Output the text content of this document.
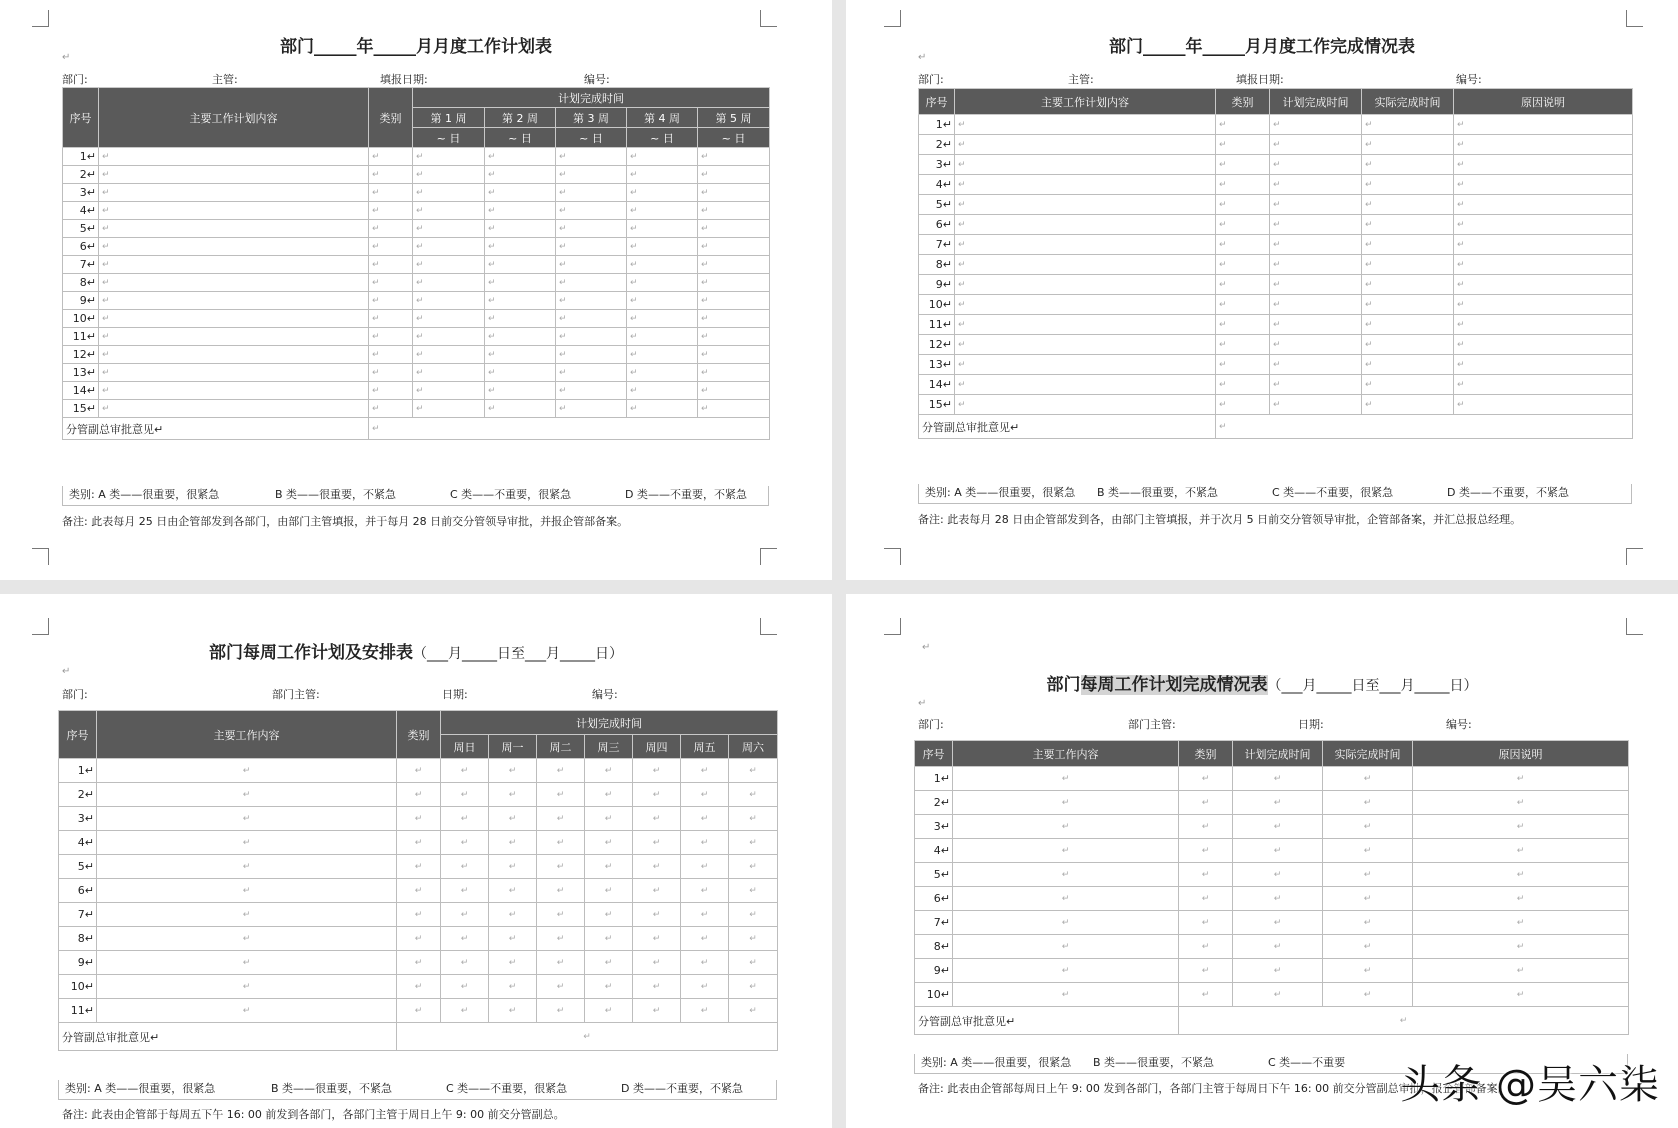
部门_____年_____月月度工作计划表
↵
部门:	主管:	填报日期:	编号:
序号	主要工作计划内容	类别	计划完成时间				
			第 1 周	第 2 周	第 3 周	第 4 周	第 5 周
			~ 日	~ 日	~ 日	~ 日	~ 日
1↵	↵	↵	↵	↵	↵	↵	↵
2↵	↵	↵	↵	↵	↵	↵	↵
3↵	↵	↵	↵	↵	↵	↵	↵
4↵	↵	↵	↵	↵	↵	↵	↵
5↵	↵	↵	↵	↵	↵	↵	↵
6↵	↵	↵	↵	↵	↵	↵	↵
7↵	↵	↵	↵	↵	↵	↵	↵
8↵	↵	↵	↵	↵	↵	↵	↵
9↵	↵	↵	↵	↵	↵	↵	↵
10↵	↵	↵	↵	↵	↵	↵	↵
11↵	↵	↵	↵	↵	↵	↵	↵
12↵	↵	↵	↵	↵	↵	↵	↵
13↵	↵	↵	↵	↵	↵	↵	↵
14↵	↵	↵	↵	↵	↵	↵	↵
15↵	↵	↵	↵	↵	↵	↵	↵
分管副总审批意见↵		↵					
类别: A 类——很重要，很紧急	B 类——很重要，不紧急	C 类——不重要，很紧急	D 类——不重要，不紧急
备注: 此表每月 25 日由企管部发到各部门，由部门主管填报，并于每月 28 日前交分管领导审批，并报企管部备案。
部门_____年_____月月度工作完成情况表
↵
部门:	主管:	填报日期:	编号:
序号	主要工作计划内容	类别	计划完成时间	实际完成时间	原因说明
1↵	↵	↵	↵	↵	↵
2↵	↵	↵	↵	↵	↵
3↵	↵	↵	↵	↵	↵
4↵	↵	↵	↵	↵	↵
5↵	↵	↵	↵	↵	↵
6↵	↵	↵	↵	↵	↵
7↵	↵	↵	↵	↵	↵
8↵	↵	↵	↵	↵	↵
9↵	↵	↵	↵	↵	↵
10↵	↵	↵	↵	↵	↵
11↵	↵	↵	↵	↵	↵
12↵	↵	↵	↵	↵	↵
13↵	↵	↵	↵	↵	↵
14↵	↵	↵	↵	↵	↵
15↵	↵	↵	↵	↵	↵
分管副总审批意见↵		↵			
类别: A 类——很重要，很紧急 B 类——很重要，不紧急	C 类——不重要，很紧急	D 类——不重要，不紧急
备注: 此表每月 28 日由企管部发到各，由部门主管填报，并于次月 5 日前交分管领导审批，企管部备案，并汇总报总经理。
部门每周工作计划及安排表（___月_____日至___月_____日）
↵
部门:	部门主管:	日期:	编号:
序号	主要工作内容	类别	计划完成时间						
			周日	周一	周二	周三	周四	周五	周六
1↵	↵	↵	↵	↵	↵	↵	↵	↵	↵
2↵	↵	↵	↵	↵	↵	↵	↵	↵	↵
3↵	↵	↵	↵	↵	↵	↵	↵	↵	↵
4↵	↵	↵	↵	↵	↵	↵	↵	↵	↵
5↵	↵	↵	↵	↵	↵	↵	↵	↵	↵
6↵	↵	↵	↵	↵	↵	↵	↵	↵	↵
7↵	↵	↵	↵	↵	↵	↵	↵	↵	↵
8↵	↵	↵	↵	↵	↵	↵	↵	↵	↵
9↵	↵	↵	↵	↵	↵	↵	↵	↵	↵
10↵	↵	↵	↵	↵	↵	↵	↵	↵	↵
11↵	↵	↵	↵	↵	↵	↵	↵	↵	↵
分管副总审批意见↵		↵							
类别: A 类——很重要，很紧急	B 类——很重要，不紧急	C 类——不重要，很紧急	D 类——不重要，不紧急
备注: 此表由企管部于每周五下午 16: 00 前发到各部门，各部门主管于周日上午 9: 00 前交分管副总。
↵
部门每周工作计划完成情况表（___月_____日至___月_____日）
↵
部门:	部门主管:	日期:	编号:
序号	主要工作内容	类别	计划完成时间	实际完成时间	原因说明
1↵	↵	↵	↵	↵	↵
2↵	↵	↵	↵	↵	↵
3↵	↵	↵	↵	↵	↵
4↵	↵	↵	↵	↵	↵
5↵	↵	↵	↵	↵	↵
6↵	↵	↵	↵	↵	↵
7↵	↵	↵	↵	↵	↵
8↵	↵	↵	↵	↵	↵
9↵	↵	↵	↵	↵	↵
10↵	↵	↵	↵	↵	↵
分管副总审批意见↵		↵			
类别: A 类——很重要，很紧急 B 类——很重要，不紧急	C 类——不重要
备注: 此表由企管部每周日上午 9: 00 发到各部门，各部门主管于每周日下午 16: 00 前交分管副总审批，报企管部备案。
头条 @吴六柒
